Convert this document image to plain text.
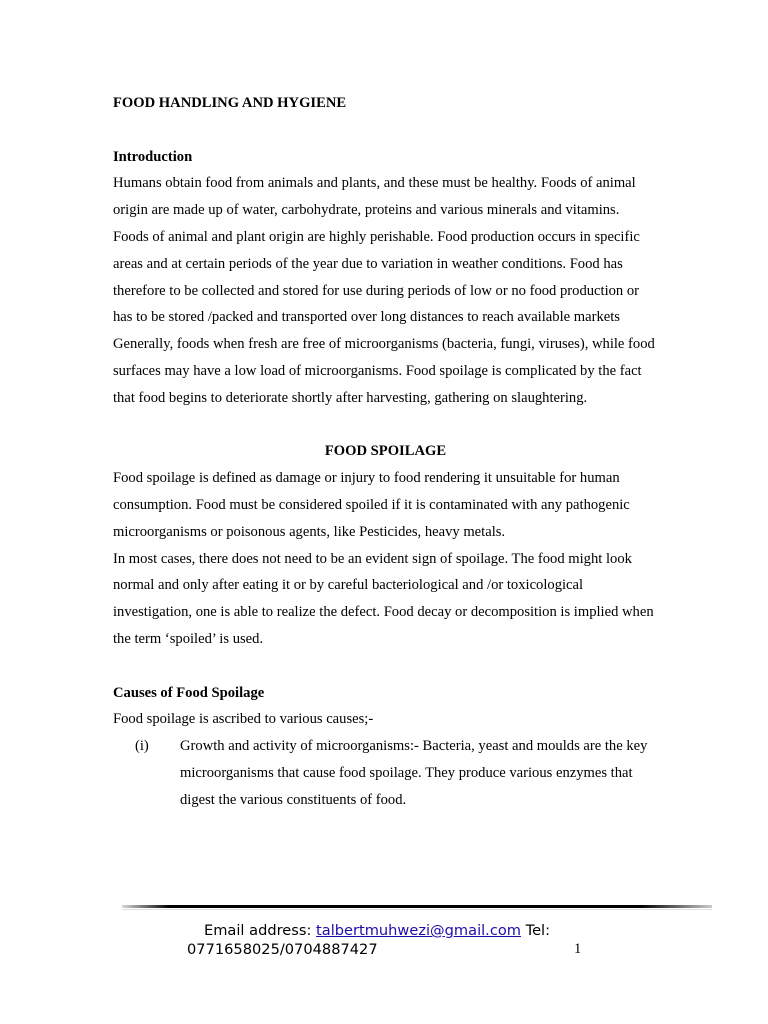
FOOD HANDLING AND HYGIENE

Introduction

Humans obtain food from animals and plants, and these must be healthy. Foods of animal origin are made up of water, carbohydrate, proteins and various minerals and vitamins. Foods of animal and plant origin are highly perishable. Food production occurs in specific areas and at certain periods of the year due to variation in weather conditions. Food has therefore to be collected and stored for use during periods of low or no food production or has to be stored /packed and transported over long distances to reach available markets

Generally, foods when fresh are free of microorganisms (bacteria, fungi, viruses), while food surfaces may have a low load of microorganisms. Food spoilage is complicated by the fact that food begins to deteriorate shortly after harvesting, gathering on slaughtering.

FOOD SPOILAGE

Food spoilage is defined as damage or injury to food rendering it unsuitable for human consumption. Food must be considered spoiled if it is contaminated with any pathogenic microorganisms or poisonous agents, like Pesticides, heavy metals.

In most cases, there does not need to be an evident sign of spoilage. The food might look normal and only after eating it or by careful bacteriological and /or toxicological investigation, one is able to realize the defect. Food decay or decomposition is implied when the term ‘spoiled’ is used.

Causes of Food Spoilage

Food spoilage is ascribed to various causes;-

(i) Growth and activity of microorganisms:- Bacteria, yeast and moulds are the key microorganisms that cause food spoilage. They produce various enzymes that digest the various constituents of food.
Email address: talbertmuhwezi@gmail.com Tel:
0771658025/0704887427	1
